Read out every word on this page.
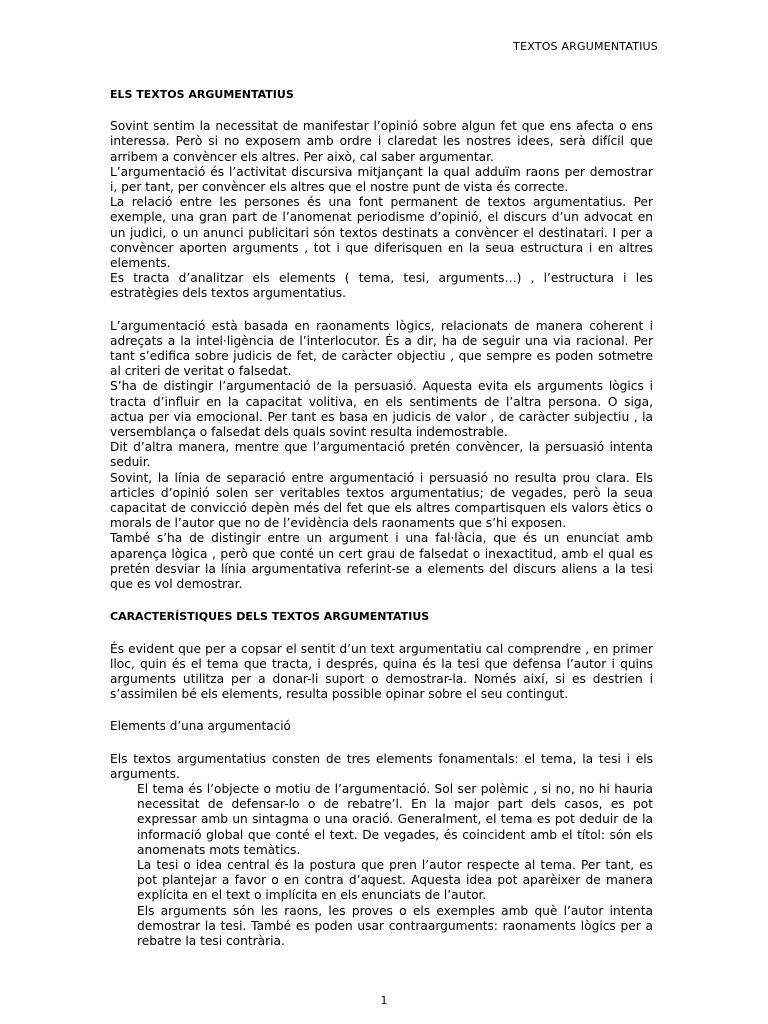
TEXTOS ARGUMENTATIUS

ELS TEXTOS ARGUMENTATIUS

Sovint sentim la necessitat de manifestar l’opinió sobre algun fet que ens afecta o ens interessa. Però si no exposem amb ordre i claredat les nostres idees, serà difícil que arribem a convèncer els altres. Per això, cal saber argumentar.

L’argumentació és l’activitat discursiva mitjançant la qual adduïm raons per demostrar i, per tant, per convèncer els altres que el nostre punt de vista és correcte.

La relació entre les persones és una font permanent de textos argumentatius. Per exemple, una gran part de l’anomenat periodisme d’opinió, el discurs d’un advocat en un judici, o un anunci publicitari són textos destinats a convèncer el destinatari. I per a convèncer aporten arguments , tot i que diferisquen en la seua estructura i en altres elements.

Es tracta d’analitzar els elements ( tema, tesi, arguments…) , l’estructura i les estratègies dels textos argumentatius.

L’argumentació està basada en raonaments lògics, relacionats de manera coherent i adreçats a la intel·ligència de l’interlocutor. És a dir, ha de seguir una via racional. Per tant s’edifica sobre judicis de fet, de caràcter objectiu , que sempre es poden sotmetre al criteri de veritat o falsedat.

S’ha de distingir l’argumentació de la persuasió. Aquesta evita els arguments lògics i tracta d’influir en la capacitat volitiva, en els sentiments de l’altra persona. O siga, actua per via emocional. Per tant es basa en judicis de valor , de caràcter subjectiu , la versemblança o falsedat dels quals sovint resulta indemostrable.

Dit d’altra manera, mentre que l’argumentació pretén convèncer, la persuasió intenta seduir.

Sovint, la línia de separació entre argumentació i persuasió no resulta prou clara. Els articles d’opinió solen ser veritables textos argumentatius; de vegades, però la seua capacitat de convicció depèn més del fet que els altres compartisquen els valors ètics o morals de l’autor que no de l’evidència dels raonaments que s’hi exposen.

També s’ha de distingir entre un argument i una fal·làcia, que és un enunciat amb aparença lògica , però que conté un cert grau de falsedat o inexactitud, amb el qual es pretén desviar la línia argumentativa referint-se a elements del discurs aliens a la tesi que es vol demostrar.

CARACTERÍSTIQUES DELS TEXTOS ARGUMENTATIUS

És evident que per a copsar el sentit d’un text argumentatiu cal comprendre , en primer lloc, quin és el tema que tracta, i després, quina és la tesi que defensa l’autor i quins arguments utilitza per a donar-li suport o demostrar-la. Només així, si es destrien i s’assimilen bé els elements, resulta possible opinar sobre el seu contingut.

Elements d’una argumentació

Els textos argumentatius consten de tres elements fonamentals: el tema, la tesi i els arguments.

El tema és l’objecte o motiu de l’argumentació. Sol ser polèmic , si no, no hi hauria necessitat de defensar-lo o de rebatre’l. En la major part dels casos, es pot expressar amb un sintagma o una oració. Generalment, el tema es pot deduir de la informació global que conté el text. De vegades, és coincident amb el títol: són els anomenats mots temàtics.

La tesi o idea central és la postura que pren l’autor respecte al tema. Per tant, es pot plantejar a favor o en contra d’aquest. Aquesta idea pot aparèixer de manera explícita en el text o implícita en els enunciats de l’autor.

Els arguments són les raons, les proves o els exemples amb què l’autor intenta demostrar la tesi. També es poden usar contraarguments: raonaments lògics per a rebatre la tesi contrària.

1
